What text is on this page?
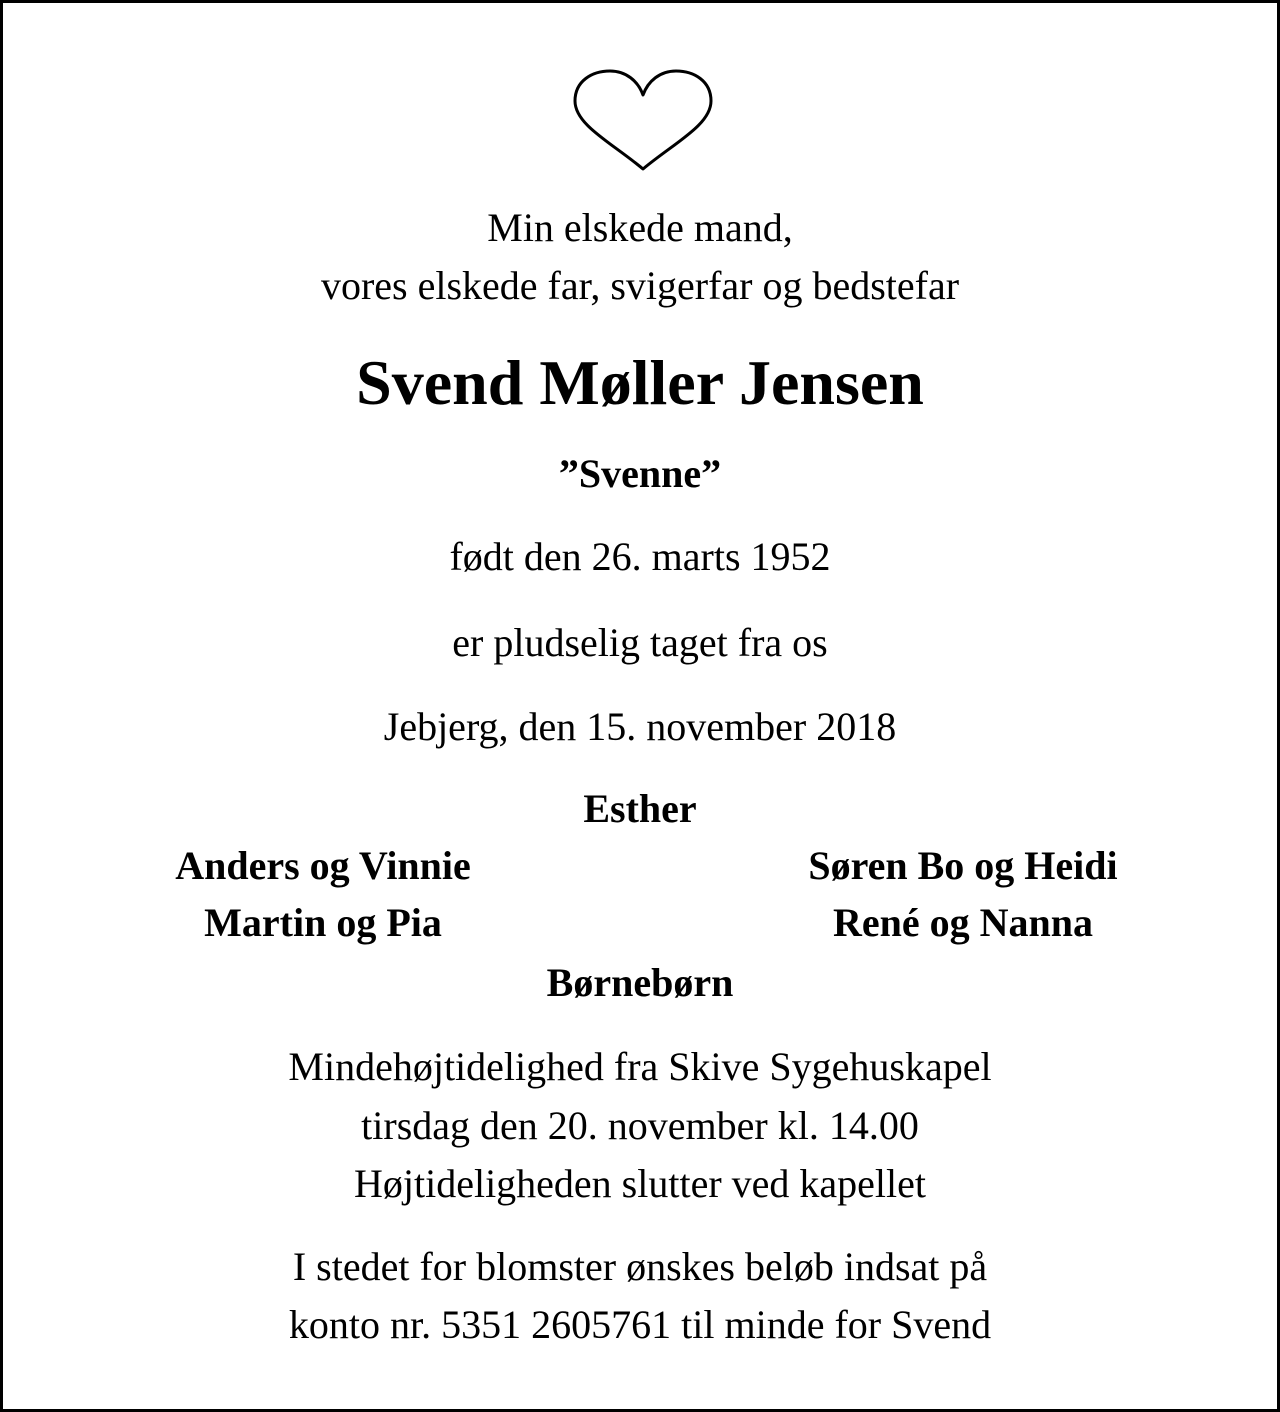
Min elskede mand,
vores elskede far, svigerfar og bedstefar
Svend Møller Jensen
”Svenne”
født den 26. marts 1952
er pludselig taget fra os
Jebjerg, den 15. november 2018
Esther
Anders og Vinnie	Søren Bo og Heidi
Martin og Pia	René og Nanna
Børnebørn
Mindehøjtidelighed fra Skive Sygehuskapel
tirsdag den 20. november kl. 14.00
Højtideligheden slutter ved kapellet
I stedet for blomster ønskes beløb indsat på
konto nr. 5351 2605761 til minde for Svend
